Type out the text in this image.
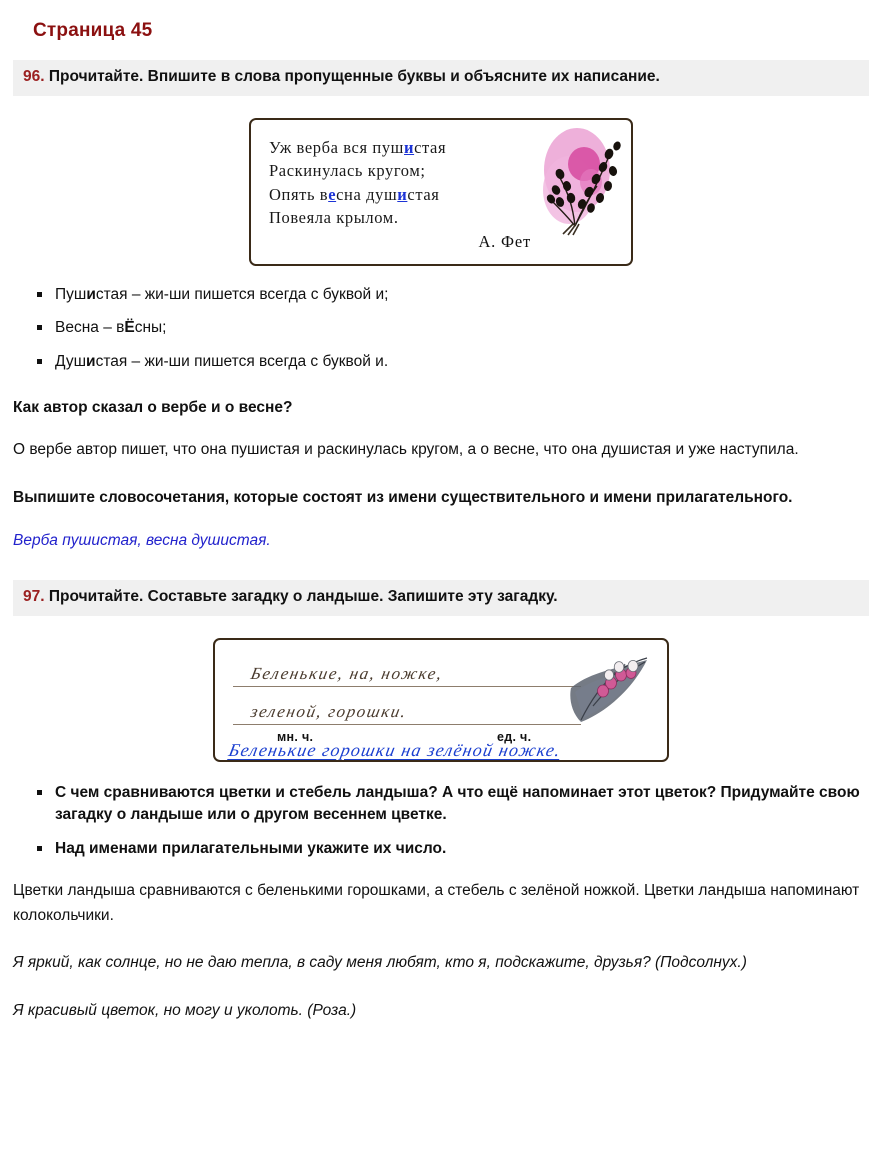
Страница 45
96. Прочитайте. Впишите в слова пропущенные буквы и объясните их написание.
Уж верба вся пушистая
Раскинулась кругом;
Опять весна душистая
Повеяла крылом.
А. Фет
Пушистая – жи-ши пишется всегда с буквой и;
Весна – вЁсны;
Душистая – жи-ши пишется всегда с буквой и.

Как автор сказал о вербе и о весне?

О вербе автор пишет, что она пушистая и раскинулась кругом, а о весне, что она душистая и уже наступила.

Выпишите словосочетания, которые состоят из имени существительного и имени прилагательного.

Верба пушистая, весна душистая.

97. Прочитайте. Составьте загадку о ландыше. Запишите эту загадку.
Беленькие, на, ножке,
зеленой, горошки.
мн. ч.	ед. ч.
Беленькие горошки на зелёной ножке.
С чем сравниваются цветки и стебель ландыша? А что ещё напоминает этот цветок? Придумайте свою загадку о ландыше или о другом весеннем цветке.
Над именами прилагательными укажите их число.

Цветки ландыша сравниваются с беленькими горошками, а стебель с зелёной ножкой. Цветки ландыша напоминают колокольчики.

Я яркий, как солнце, но не даю тепла, в саду меня любят, кто я, подскажите, друзья? (Подсолнух.)

Я красивый цветок, но могу и уколоть. (Роза.)
